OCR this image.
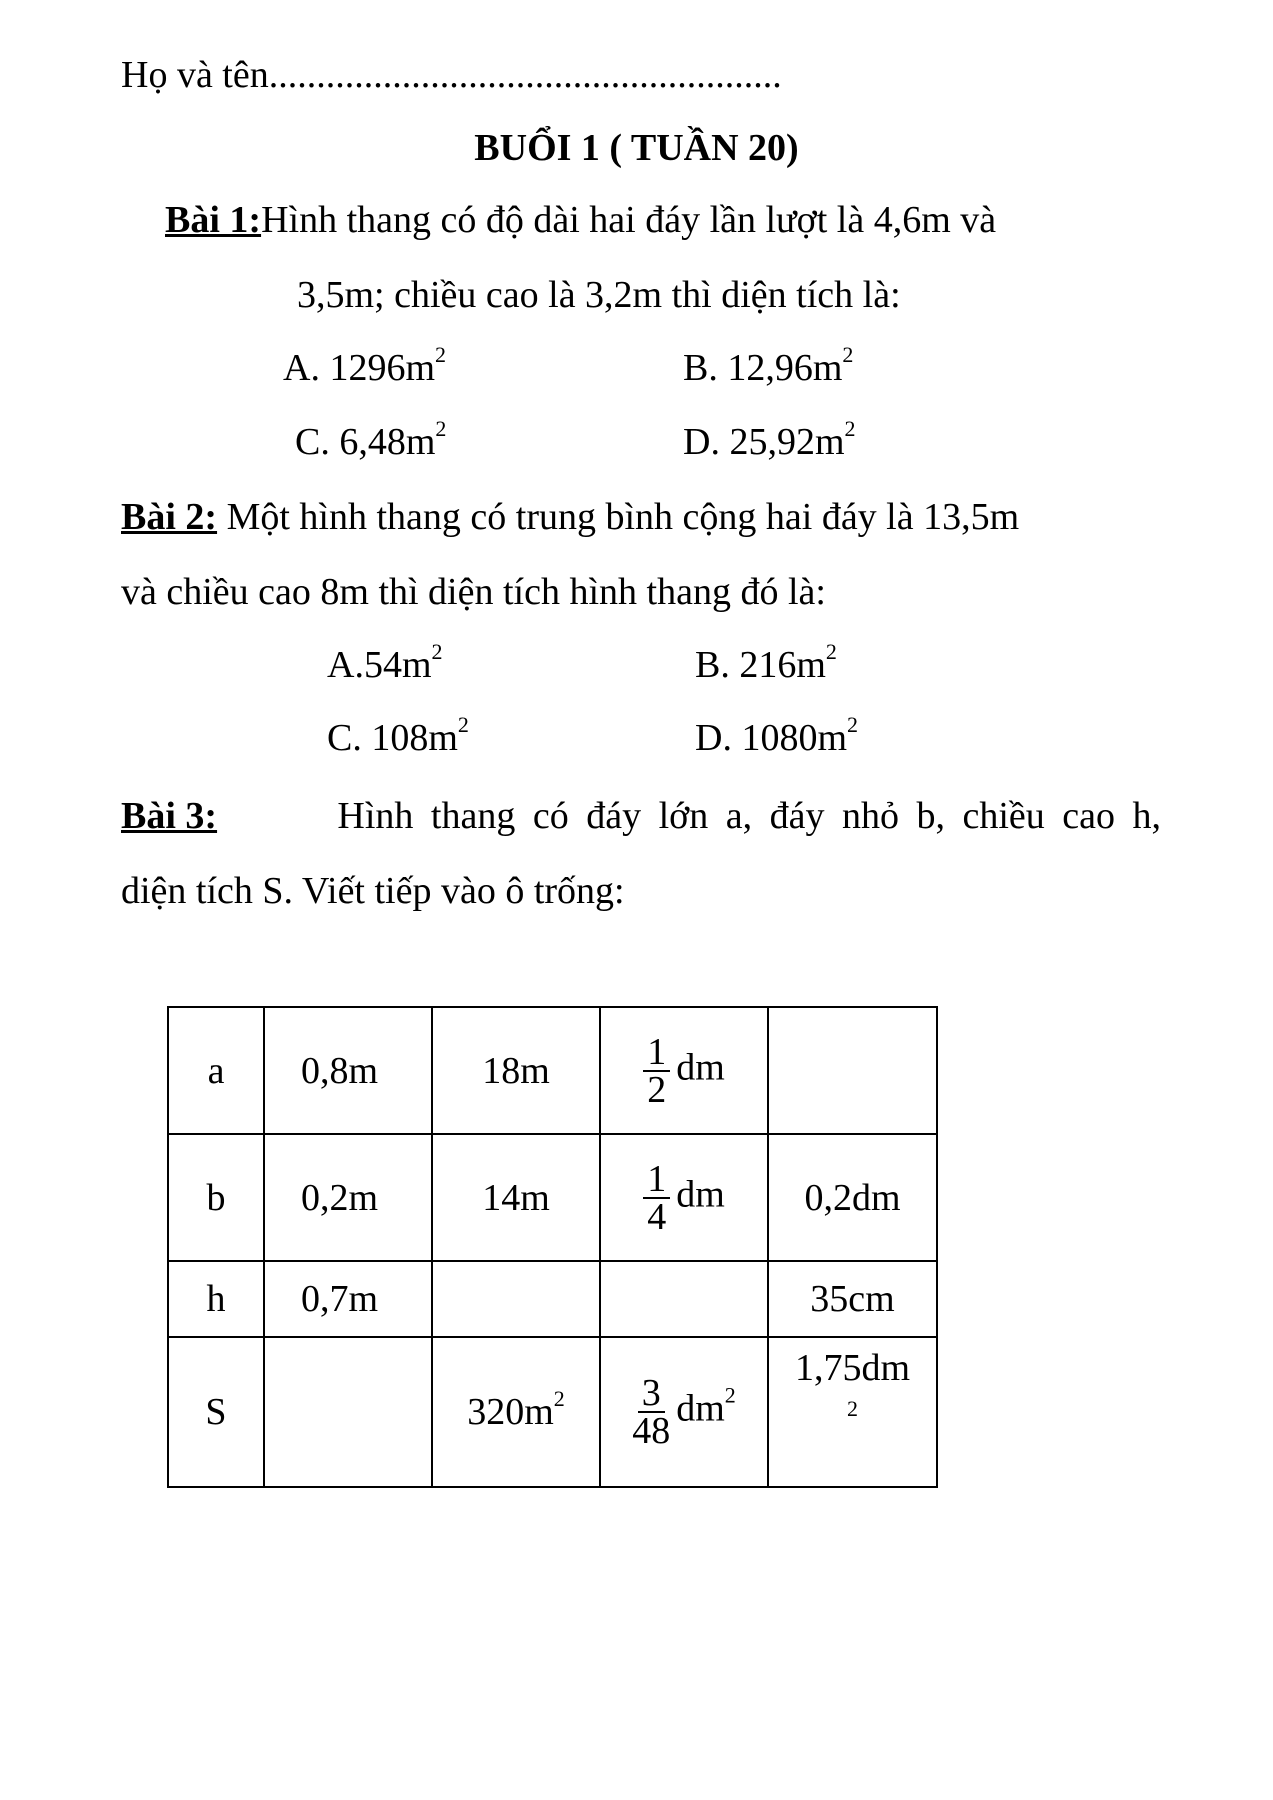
Họ và tên......................................................
BUỔI 1 ( TUẦN 20)
Bài 1:Hình thang có độ dài hai đáy lần lượt là 4,6m và
3,5m; chiều cao là 3,2m thì diện tích là:
A. $1296m^2$	B. $12,96m^2$
C. $6,48m^2$	D. $25,92m^2$
Bài 2: Một hình thang có trung bình cộng hai đáy là 13,5m
và chiều cao 8m thì diện tích hình thang đó là:
$A.54m^2$	B. $216m^2$
C. $108m^2$	D. $1080m^2$
Bài 3:	Hình thang có đáy lớn a, đáy nhỏ b, chiều cao h,
diện tích S. Viết tiếp vào ô trống:
a	0,8m	18m	$\frac{1}{2}$ dm	
b	0,2m	14m	$\frac{1}{4}$ dm	0,2dm
h	0,7m			35cm
S		$320m^2$	$\frac{3}{48} dm^2$	1,75dm
2
